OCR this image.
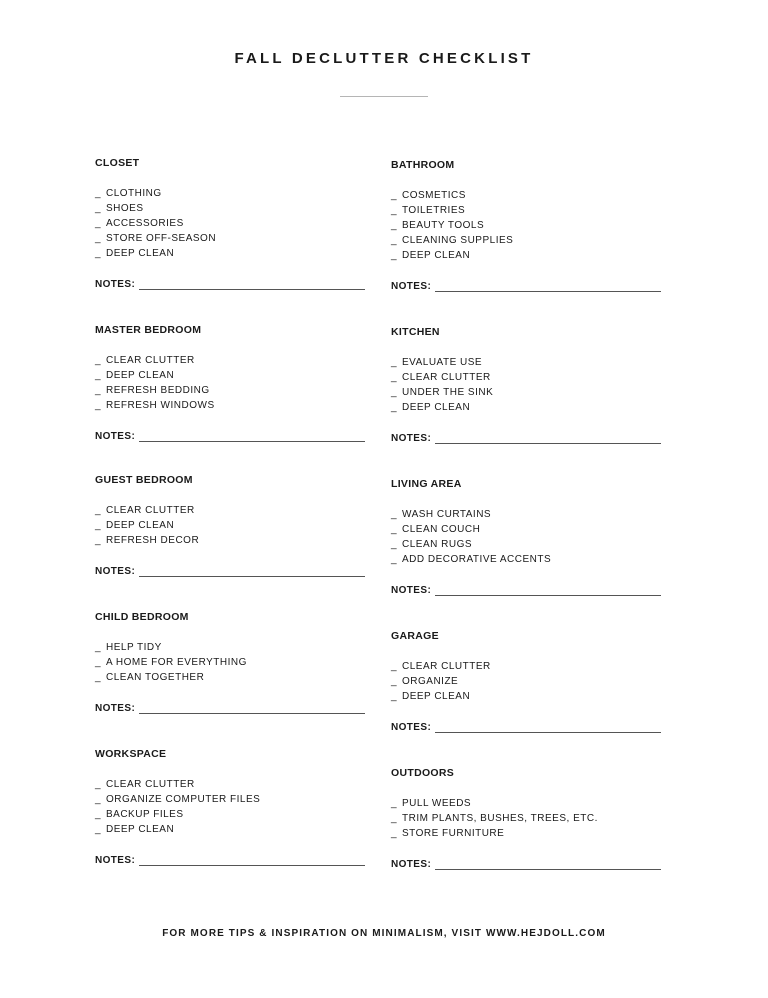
FALL DECLUTTER CHECKLIST
CLOSET
_ CLOTHING
_ SHOES
_ ACCESSORIES
_ STORE OFF-SEASON
_ DEEP CLEAN
NOTES:
MASTER BEDROOM
_ CLEAR CLUTTER
_ DEEP CLEAN
_ REFRESH BEDDING
_ REFRESH WINDOWS
NOTES:
GUEST BEDROOM
_ CLEAR CLUTTER
_ DEEP CLEAN
_ REFRESH DECOR
NOTES:
CHILD BEDROOM
_ HELP TIDY
_ A HOME FOR EVERYTHING
_ CLEAN TOGETHER
NOTES:
WORKSPACE
_ CLEAR CLUTTER
_ ORGANIZE COMPUTER FILES
_ BACKUP FILES
_ DEEP CLEAN
NOTES:
BATHROOM
_ COSMETICS
_ TOILETRIES
_ BEAUTY TOOLS
_ CLEANING SUPPLIES
_ DEEP CLEAN
NOTES:
KITCHEN
_ EVALUATE USE
_ CLEAR CLUTTER
_ UNDER THE SINK
_ DEEP CLEAN
NOTES:
LIVING AREA
_ WASH CURTAINS
_ CLEAN COUCH
_ CLEAN RUGS
_ ADD DECORATIVE ACCENTS
NOTES:
GARAGE
_ CLEAR CLUTTER
_ ORGANIZE
_ DEEP CLEAN
NOTES:
OUTDOORS
_ PULL WEEDS
_ TRIM PLANTS, BUSHES, TREES, ETC.
_ STORE FURNITURE
NOTES:
FOR MORE TIPS & INSPIRATION ON MINIMALISM, VISIT WWW.HEJDOLL.COM
